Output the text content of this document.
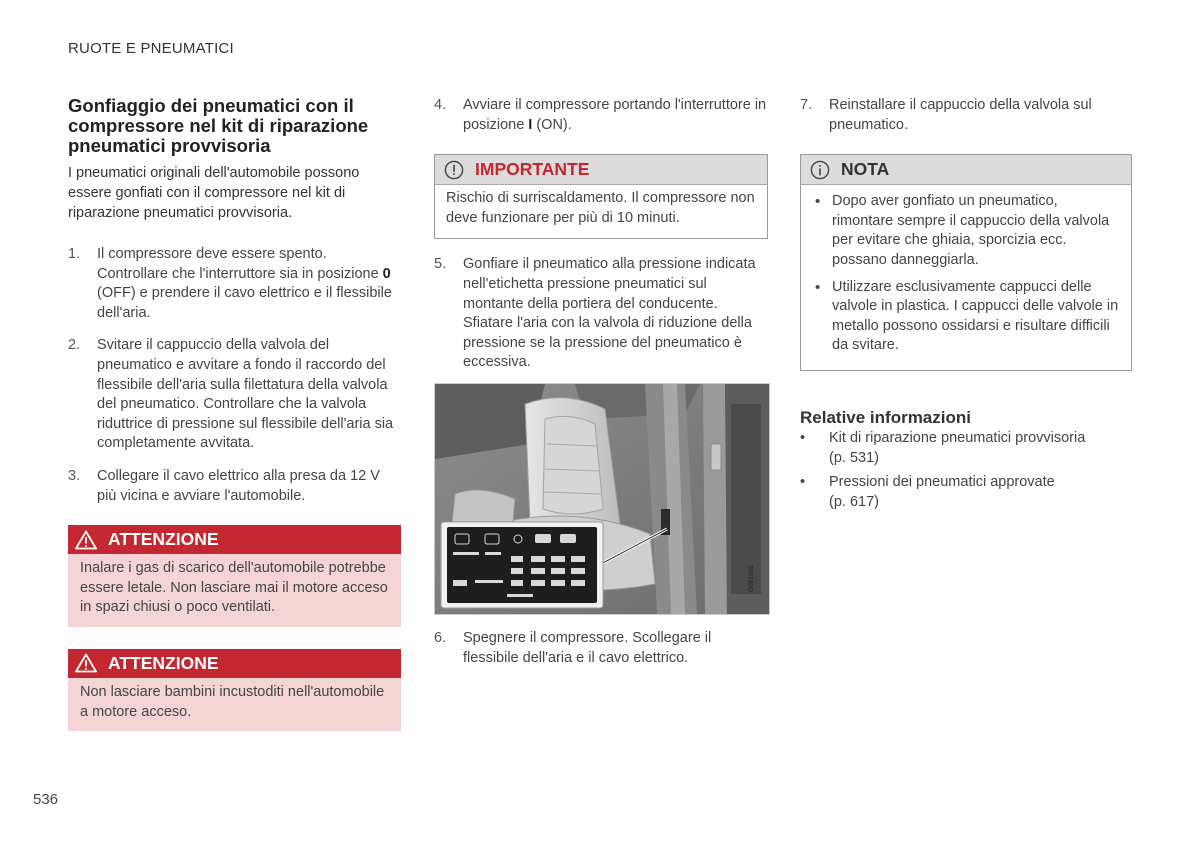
RUOTE E PNEUMATICI
Gonfiaggio dei pneumatici con il compressore nel kit di riparazione pneumatici provvisoria

I pneumatici originali dell'automobile possono essere gonfiati con il compressore nel kit di riparazione pneumatici provvisoria.

1. Il compressore deve essere spento. Controllare che l'interruttore sia in posizione 0 (OFF) e prendere il cavo elettrico e il flessibile dell'aria.
2. Svitare il cappuccio della valvola del pneumatico e avvitare a fondo il raccordo del flessibile dell'aria sulla filettatura della valvola del pneumatico. Controllare che la valvola riduttrice di pressione sul flessibile dell'aria sia completamente avvitata.
3. Collegare il cavo elettrico alla presa da 12 V più vicina e avviare l'automobile.
ATTENZIONE
Inalare i gas di scarico dell'automobile potrebbe essere letale. Non lasciare mai il motore acceso in spazi chiusi o poco ventilati.
ATTENZIONE
Non lasciare bambini incustoditi nell'automobile a motore acceso.
4. Avviare il compressore portando l'interruttore in posizione I (ON).
IMPORTANTE
Rischio di surriscaldamento. Il compressore non deve funzionare per più di 10 minuti.
5. Gonfiare il pneumatico alla pressione indicata nell'etichetta pressione pneumatici sul montante della portiera del conducente. Sfiatare l'aria con la valvola di riduzione della pressione se la pressione del pneumatico è eccessiva.
G051905
6. Spegnere il compressore. Scollegare il flessibile dell'aria e il cavo elettrico.
7. Reinstallare il cappuccio della valvola sul pneumatico.
NOTA
• Dopo aver gonfiato un pneumatico, rimontare sempre il cappuccio della valvola per evitare che ghiaia, sporcizia ecc. possano danneggiarla.
• Utilizzare esclusivamente cappucci delle valvole in plastica. I cappucci delle valvole in metallo possono ossidarsi e risultare difficili da svitare.
Relative informazioni
• Kit di riparazione pneumatici provvisoria
(p. 531)
• Pressioni dei pneumatici approvate
(p. 617)
536
